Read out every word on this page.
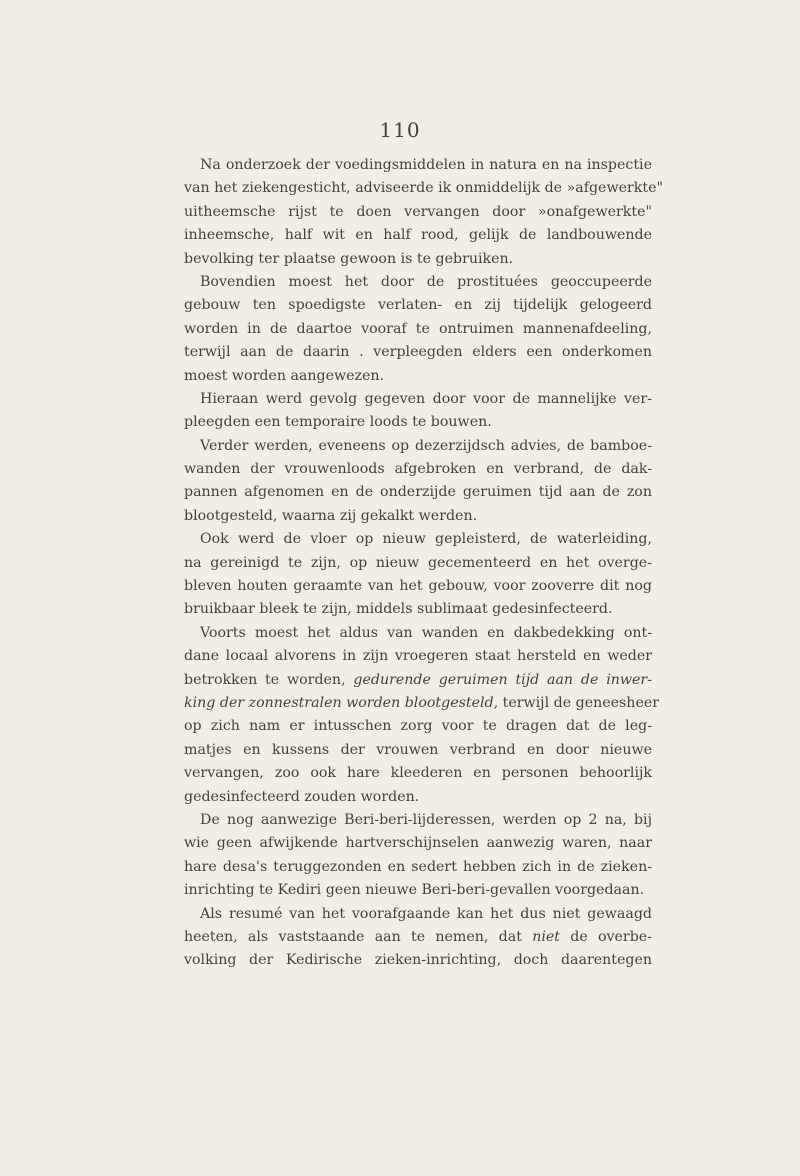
110
Na onderzoek der voedingsmiddelen in natura en na inspectie
van het ziekengesticht, adviseerde ik onmiddelijk de »afgewerkte"
uitheemsche rijst te doen vervangen door »onafgewerkte"
inheemsche, half wit en half rood, gelijk de landbouwende
bevolking ter plaatse gewoon is te gebruiken.
Bovendien moest het door de prostituées geoccupeerde
gebouw ten spoedigste verlaten- en zij tijdelijk gelogeerd
worden in de daartoe vooraf te ontruimen mannenafdeeling,
terwijl aan de daarin . verpleegden elders een onderkomen
moest worden aangewezen.
Hieraan werd gevolg gegeven door voor de mannelijke ver-
pleegden een temporaire loods te bouwen.
Verder werden, eveneens op dezerzijdsch advies, de bamboe-
wanden der vrouwenloods afgebroken en verbrand, de dak-
pannen afgenomen en de onderzijde geruimen tijd aan de zon
blootgesteld, waarna zij gekalkt werden.
Ook werd de vloer op nieuw gepleisterd, de waterleiding,
na gereinigd te zijn, op nieuw gecementeerd en het overge-
bleven houten geraamte van het gebouw, voor zooverre dit nog
bruikbaar bleek te zijn, middels sublimaat gedesinfecteerd.
Voorts moest het aldus van wanden en dakbedekking ont-
dane locaal alvorens in zijn vroegeren staat hersteld en weder
betrokken te worden, gedurende geruimen tijd aan de inwer-
king der zonnestralen worden blootgesteld, terwijl de geneesheer
op zich nam er intusschen zorg voor te dragen dat de leg-
matjes en kussens der vrouwen verbrand en door nieuwe
vervangen, zoo ook hare kleederen en personen behoorlijk
gedesinfecteerd zouden worden.
De nog aanwezige Beri-beri-lijderessen, werden op 2 na, bij
wie geen afwijkende hartverschijnselen aanwezig waren, naar
hare desa's teruggezonden en sedert hebben zich in de zieken-
inrichting te Kediri geen nieuwe Beri-beri-gevallen voorgedaan.
Als resumé van het voorafgaande kan het dus niet gewaagd
heeten, als vaststaande aan te nemen, dat niet de overbe-
volking der Kedirische zieken-inrichting, doch daarentegen
